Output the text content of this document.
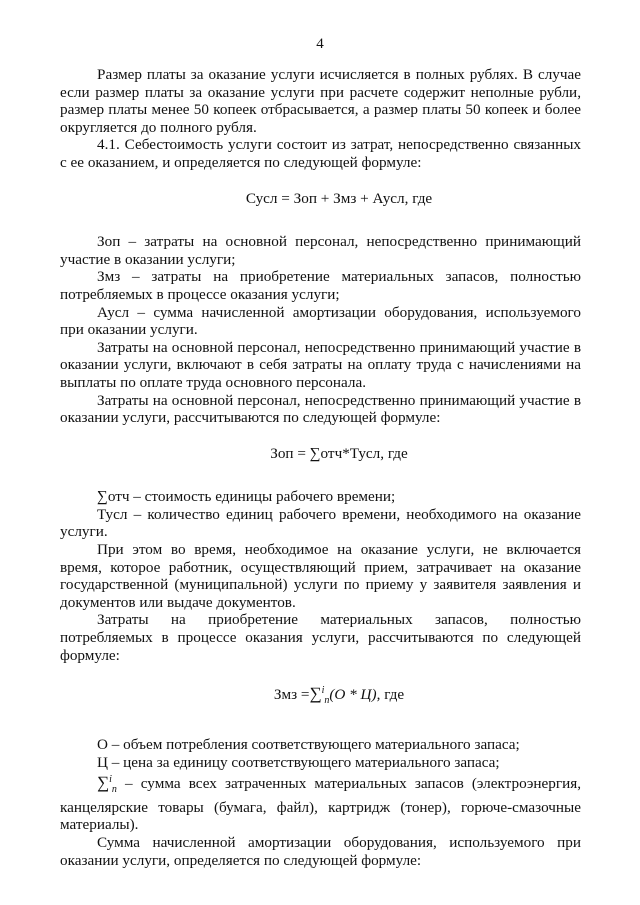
4

Размер платы за оказание услуги исчисляется в полных рублях. В случае если размер платы за оказание услуги при расчете содержит неполные рубли, размер платы менее 50 копеек отбрасывается, а размер платы 50 копеек и более округляется до полного рубля.

4.1. Себестоимость услуги состоит из затрат, непосредственно связанных с ее оказанием, и определяется по следующей формуле:

Сусл = Зоп + Змз + Аусл, где

Зоп – затраты на основной персонал, непосредственно принимающий участие в оказании услуги;

Змз – затраты на приобретение материальных запасов, полностью потребляемых в процессе оказания услуги;

Аусл – сумма начисленной амортизации оборудования, используемого при оказании услуги.

Затраты на основной персонал, непосредственно принимающий участие в оказании услуги, включают в себя затраты на оплату труда с начислениями на выплаты по оплате труда основного персонала.

Затраты на основной персонал, непосредственно принимающий участие в оказании услуги, рассчитываются по следующей формуле:

Зоп = ∑отч*Тусл, где

∑отч – стоимость единицы рабочего времени;

Тусл – количество единиц рабочего времени, необходимого на оказание услуги.

При этом во время, необходимое на оказание услуги, не включается время, которое работник, осуществляющий прием, затрачивает на оказание государственной (муниципальной) услуги по приему у заявителя заявления и документов или выдаче документов.

Затраты на приобретение материальных запасов, полностью потребляемых в процессе оказания услуги, рассчитываются по следующей формуле:

Змз =∑$^i_n$(О * Ц), где

О – объем потребления соответствующего материального запаса;

Ц – цена за единицу соответствующего материального запаса;

∑$^i_n$ – сумма всех затраченных материальных запасов (электроэнергия, канцелярские товары (бумага, файл), картридж (тонер), горюче-смазочные материалы).

Сумма начисленной амортизации оборудования, используемого при оказании услуги, определяется по следующей формуле:
